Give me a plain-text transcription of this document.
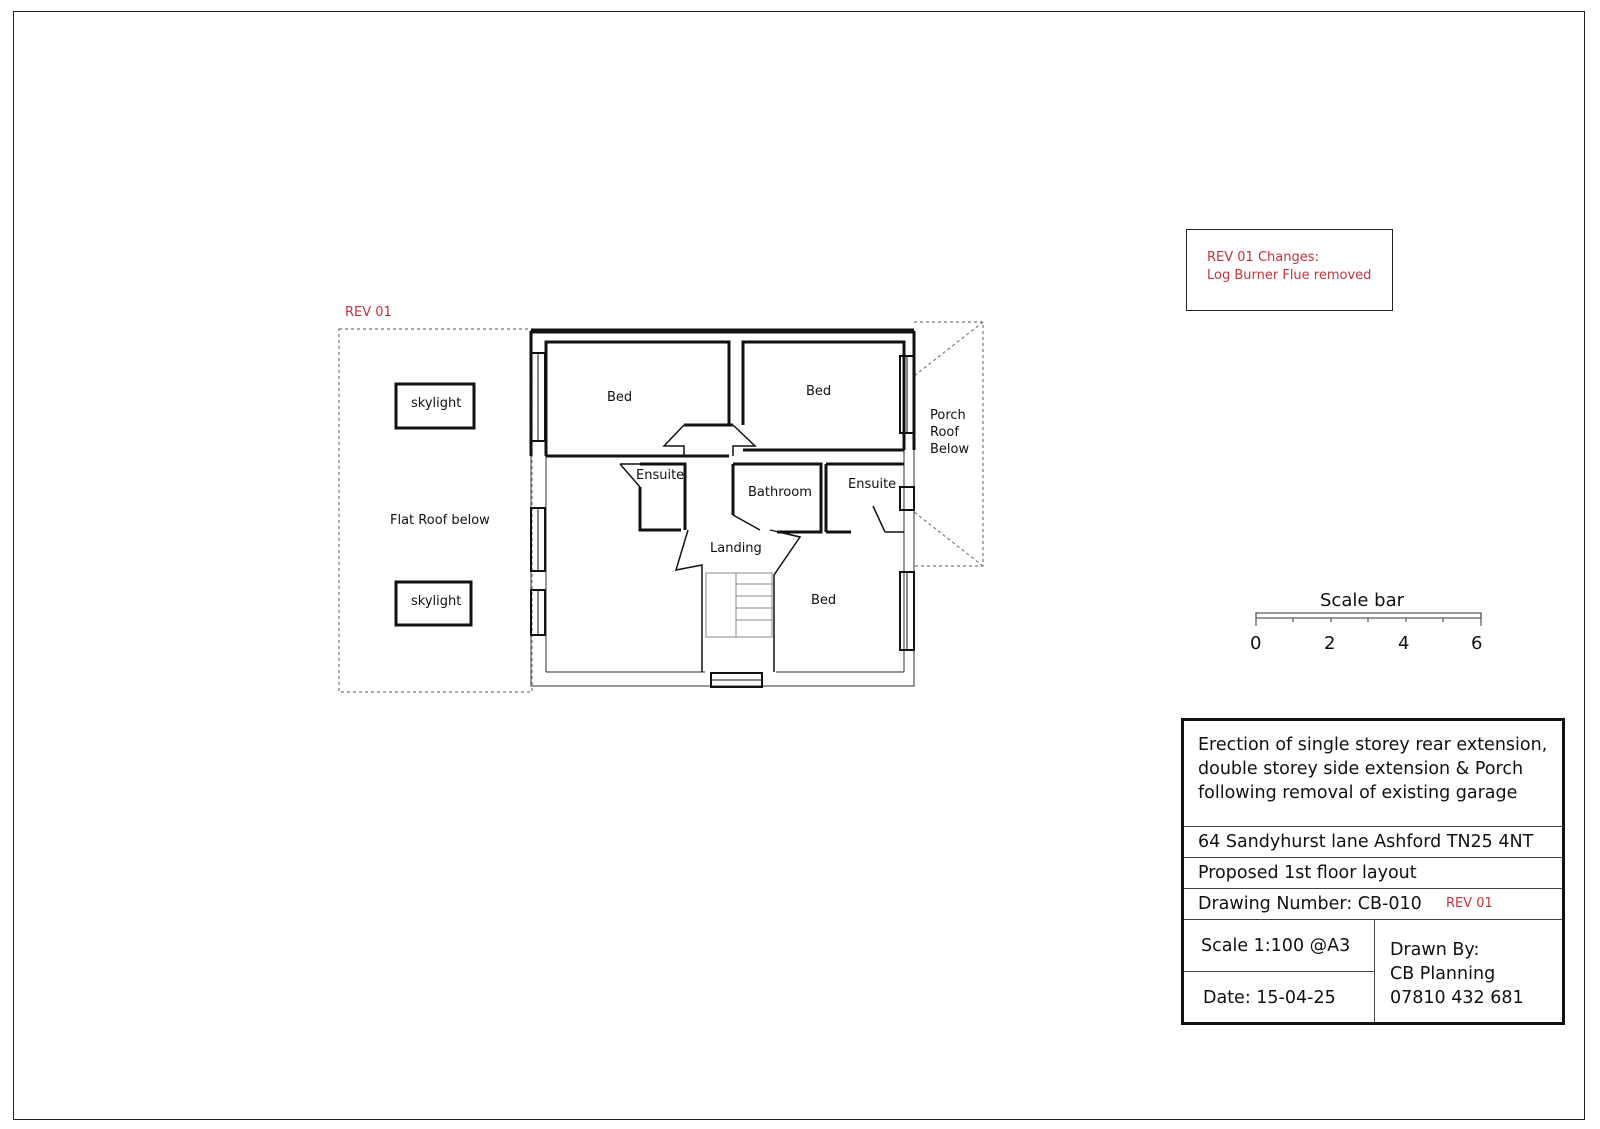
REV 01
skylight
skylight
Flat Roof below
Bed	Bed
Bed
Ensuite
Ensuite
Bathroom
Landing
Porch
Roof
Below
REV 01 Changes:
Log Burner Flue removed
Scale bar
0	2	4	6
Erection of single storey rear extension,
double storey side extension & Porch
following removal of existing garage
64 Sandyhurst lane Ashford TN25 4NT
Proposed 1st floor layout
Drawing Number: CB-010 REV 01
Scale 1:100 @A3
Date: 15-04-25
Drawn By:
CB Planning
07810 432 681
